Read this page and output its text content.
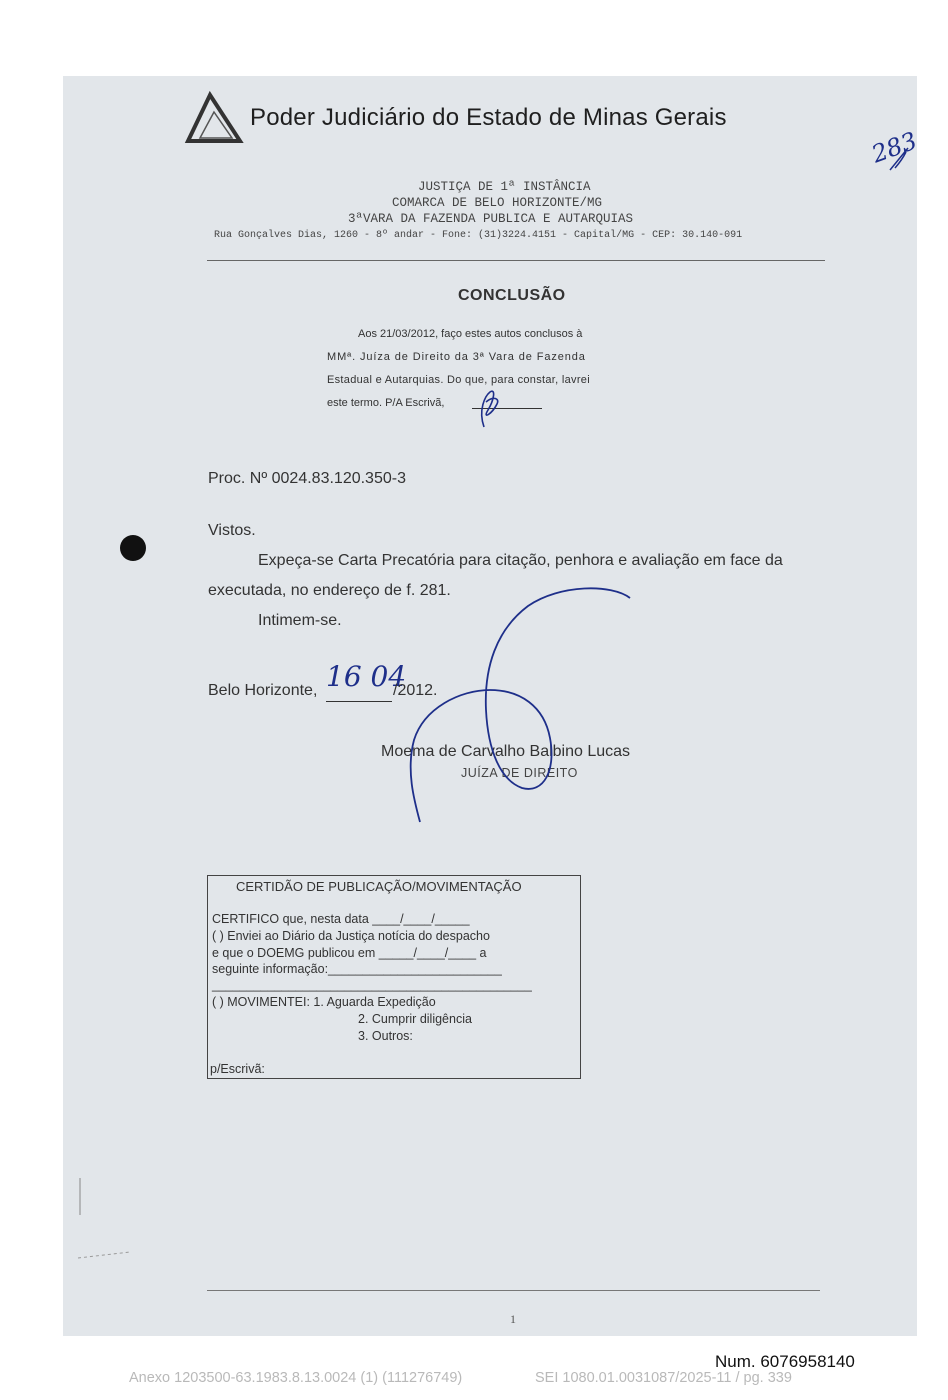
Poder Judiciário do Estado de Minas Gerais
283
JUSTIÇA DE 1ª INSTÂNCIA
COMARCA DE BELO HORIZONTE/MG
3ªVARA DA FAZENDA PUBLICA E AUTARQUIAS
Rua Gonçalves Dias, 1260 - 8º andar - Fone: (31)3224.4151 - Capital/MG - CEP: 30.140-091
CONCLUSÃO
Aos 21/03/2012, faço estes autos conclusos à
MMª. Juíza de Direito da 3ª Vara de Fazenda
Estadual e Autarquias. Do que, para constar, lavrei
este termo. P/A Escrivã,
Proc. Nº 0024.83.120.350-3
Vistos.
Expeça-se Carta Precatória para citação, penhora e avaliação em face da
executada, no endereço de f. 281.
Intimem-se.
Belo Horizonte, 16 04
/2012.
Moema de Carvalho Balbino Lucas
JUÍZA DE DIREITO
CERTIDÃO DE PUBLICAÇÃO/MOVIMENTAÇÃO
CERTIFICO que, nesta data ____/____/_____
( ) Enviei ao Diário da Justiça notícia do despacho
e que o DOEMG publicou em _____/____/____ a
seguinte informação:_________________________
______________________________________________
( ) MOVIMENTEI: 1. Aguarda Expedição
2. Cumprir diligência
3. Outros:
p/Escrivã:
1
Num. 6076958140
Anexo 1203500-63.1983.8.13.0024 (1) (111276749)	SEI 1080.01.0031087/2025-11 / pg. 339
